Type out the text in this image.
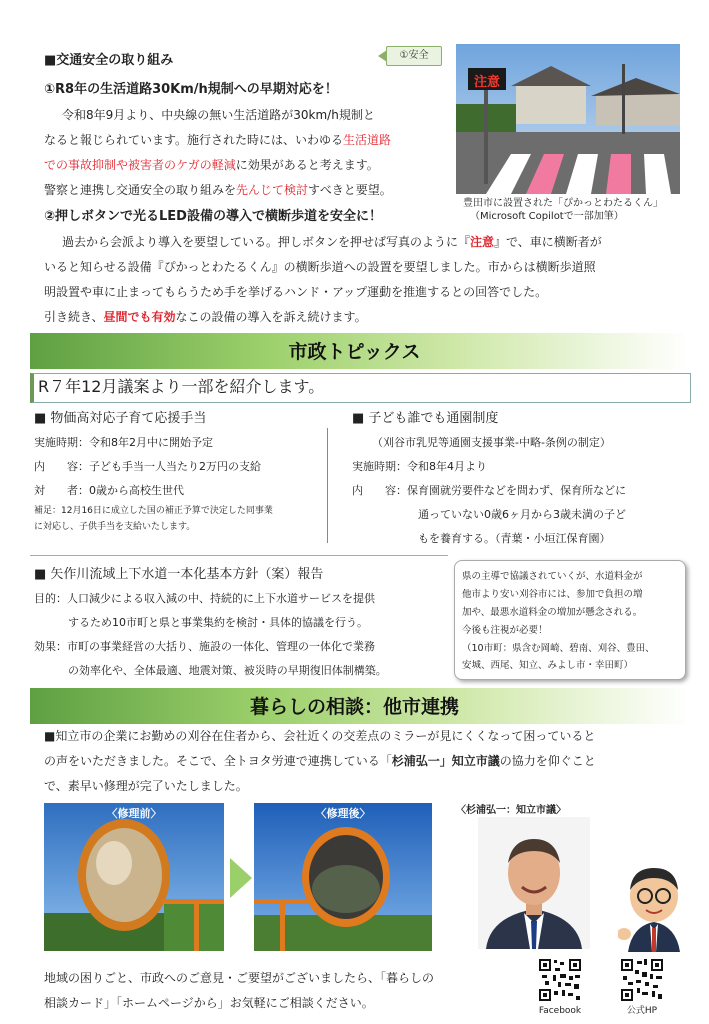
■交通安全の取り組み	①安全
①R8年の生活道路30Km/h規制への早期対応を！
令和8年9月より、中央線の無い生活道路が30km/h規制と
なると報じられています。施行された時には、いわゆる生活道路
での事故抑制や被害者のケガの軽減に効果があると考えます。
警察と連携し交通安全の取り組みを先んじて検討すべきと要望。
②押しボタンで光るLED設備の導入で横断歩道を安全に！
過去から会派より導入を要望している。押しボタンを押せば写真のように『注意』で、車に横断者が
いると知らせる設備『ぴかっとわたるくん』の横断歩道への設置を要望しました。市からは横断歩道照
明設置や車に止まってもらうため手を挙げるハンド・アップ運動を推進するとの回答でした。
引き続き、昼間でも有効なこの設備の導入を訴え続けます。
注意
豊田市に設置された「ぴかっとわたるくん」
（Microsoft Copilotで一部加筆）
市政トピックス
R７年12月議案より一部を紹介します。
■ 物価高対応子育て応援手当
実施時期：令和8年2月中に開始予定
内　　容：子ども手当一人当たり2万円の支給
対　　者：0歳から高校生世代
補足：12月16日に成立した国の補正予算で決定した同事業
に対応し、子供手当を支給いたします。
■ 子ども誰でも通園制度
（刈谷市乳児等通園支援事業-中略-条例の制定）
実施時期：令和8年4月より
内　　容：保育園就労要件などを問わず、保育所などに
通っていない0歳6ヶ月から3歳未満の子ど
もを養育する。（青葉・小垣江保育園）
■ 矢作川流域上下水道一本化基本方針（案）報告
目的：人口減少による収入減の中、持続的に上下水道サービスを提供
するため10市町と県と事業集約を検討・具体的協議を行う。
効果：市町の事業経営の大括り、施設の一体化、管理の一体化で業務
の効率化や、全体最適、地震対策、被災時の早期復旧体制構築。
県の主導で協議されていくが、水道料金が
他市より安い刈谷市には、参加で負担の増
加や、最悪水道料金の増加が懸念される。
今後も注視が必要！
（10市町：県含む岡崎、碧南、刈谷、豊田、
安城、西尾、知立、みよし市・幸田町）
暮らしの相談：他市連携
■知立市の企業にお勤めの刈谷在住者から、会社近くの交差点のミラーが見にくくなって困っていると
の声をいただきました。そこで、全トヨタ労連で連携している「杉浦弘一」知立市議の協力を仰ぐこと
で、素早い修理が完了いたしました。
〈修理前〉	〈修理後〉	〈杉浦弘一：知立市議〉
地域の困りごと、市政へのご意見・ご要望がございましたら、「暮らしの
相談カード」「ホームページから」お気軽にご相談ください。
Facebook	公式HP
